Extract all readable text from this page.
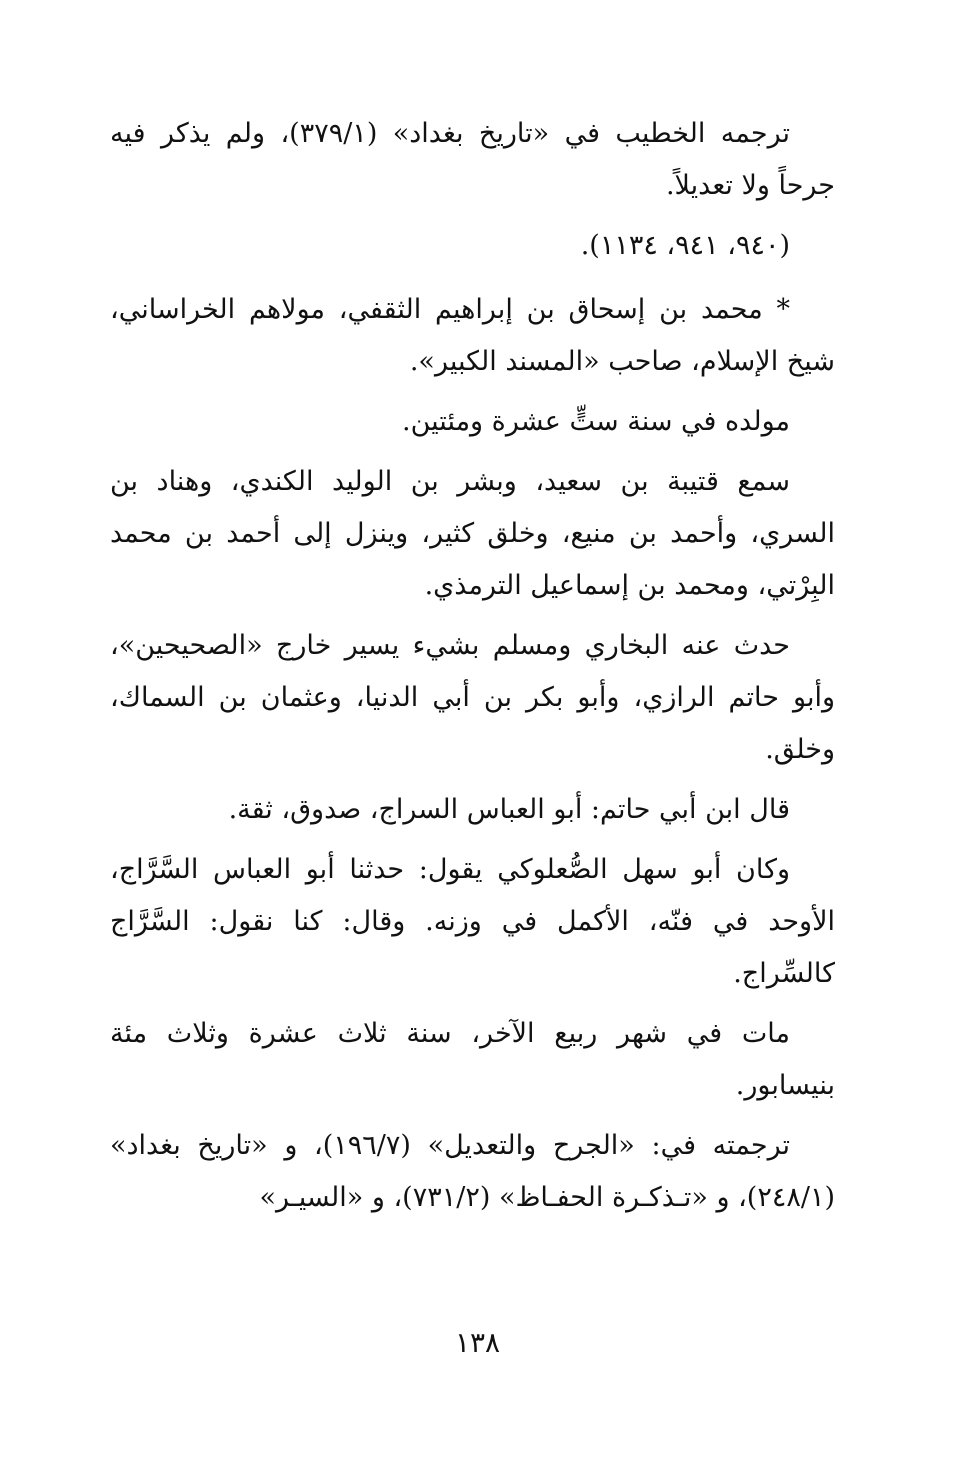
ترجمه الخطيب في «تاريخ بغداد» (٣٧٩/١)، ولم يذكر فيه جرحاً ولا تعديلاً.

(٩٤٠، ٩٤١، ١١٣٤).

* محمد بن إسحاق بن إبراهيم الثقفي، مولاهم الخراساني، شيخ الإسلام، صاحب «المسند الكبير».

مولده في سنة ستٍّ عشرة ومئتين.

سمع قتيبة بن سعيد، وبشر بن الوليد الكندي، وهناد بن السري، وأحمد بن منيع، وخلق كثير، وينزل إلى أحمد بن محمد البِرْتي، ومحمد بن إسماعيل الترمذي.

حدث عنه البخاري ومسلم بشيء يسير خارج «الصحيحين»، وأبو حاتم الرازي، وأبو بكر بن أبي الدنيا، وعثمان بن السماك، وخلق.

قال ابن أبي حاتم: أبو العباس السراج، صدوق، ثقة.

وكان أبو سهل الصُّعلوكي يقول: حدثنا أبو العباس السَّرَّاج، الأوحد في فنّه، الأكمل في وزنه. وقال: كنا نقول: السَّرَّاج كالسِّراج.

مات في شهر ربيع الآخر، سنة ثلاث عشرة وثلاث مئة بنيسابور.

ترجمته في: «الجرح والتعديل» (١٩٦/٧)، و «تاريخ بغداد» (٢٤٨/١)، و «تـذكـرة الحفـاظ» (٧٣١/٢)، و «السيـر»

١٣٨
